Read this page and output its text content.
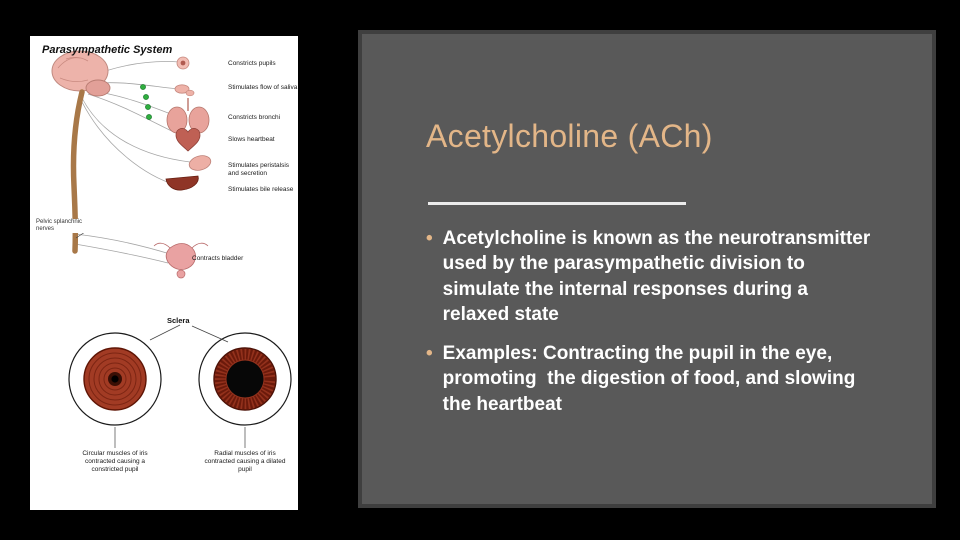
Parasympathetic System
Constricts pupils
Stimulates flow of saliva
Constricts bronchi
Slows heartbeat
Stimulates peristalsis and secretion
Stimulates bile release
Contracts bladder
Pelvic splanchnic nerves
Sclera
Circular muscles of iris contracted causing a constricted pupil
Radial muscles of iris contracted causing a dilated pupil
Acetylcholine (ACh)
• Acetylcholine is known as the neurotransmitter used by the parasympathetic division to simulate the internal responses during a relaxed state
• Examples: Contracting the pupil in the eye, promoting  the digestion of food, and slowing the heartbeat
